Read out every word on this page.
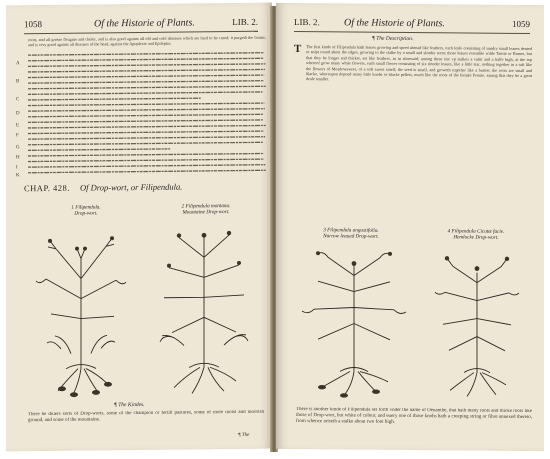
1058	Of the Historie of Plants.	LIB. 2.
roots, and all grosse fleagme and choler, and is also good against all old and cold diseases which are hard to be cured; it purgeth the braine, and is very good against all diseases of the head, against the Apoplexie and Epilepsie.
A
B
C
D
E
F
G
H
I
K
CHAP. 428. Of Drop-wort, or Filipendula.
1 Filipendula.
Drop-wort.
2 Filipendula montana.
Mountaine Drop-wort.
¶ The Kindes.
There be diuers sorts of Drop-worts, some of the champion or fertill pastures, some of more moist and moorish ground, and some of the mountaine.
¶ The
LIB. 2. Of the Historie of Plants.	1059
¶ The Description.
T The first kinde of Filipendula hath leaues growing and spred abroad like feathers, each leafe consisting of sundry small leaues dented or snipt round about the edges, growing to the stalke by a small and slender stem; those leaues resemble wilde Tansie or Burnet, but that they be longer and thicker, set like feathers, as in aforesaid; among these rise vp stalkes a cubit and a halfe high, at the top whereof grow many white flowers, each small flower consisting of six slender leaues, like a little star, nothing together in a tuft like the flowers of Meadowsweet, of a soft sweet smell; the seed is small, and groweth together like a button; the roots are small and blacke, whereupon depend many little knobs or blacke pellets, much like the roots of the female Peonie, sauing that they be a great deale smaller.
3 Filipendula angustifolia.
Narrow leaued Drop-wort.
4 Filipendula Cicutæ facie.
Hemlocke Drop-wort.
There is another kinde of Filipendula set forth vnder the name of Oenanthe, that hath many roots and thicke roots like those of Drop-wort, but white of colour, and euery one of those knobs hath a creeping string or fibre annexed thereto, from whence ariseth a stalke about two foot high.
